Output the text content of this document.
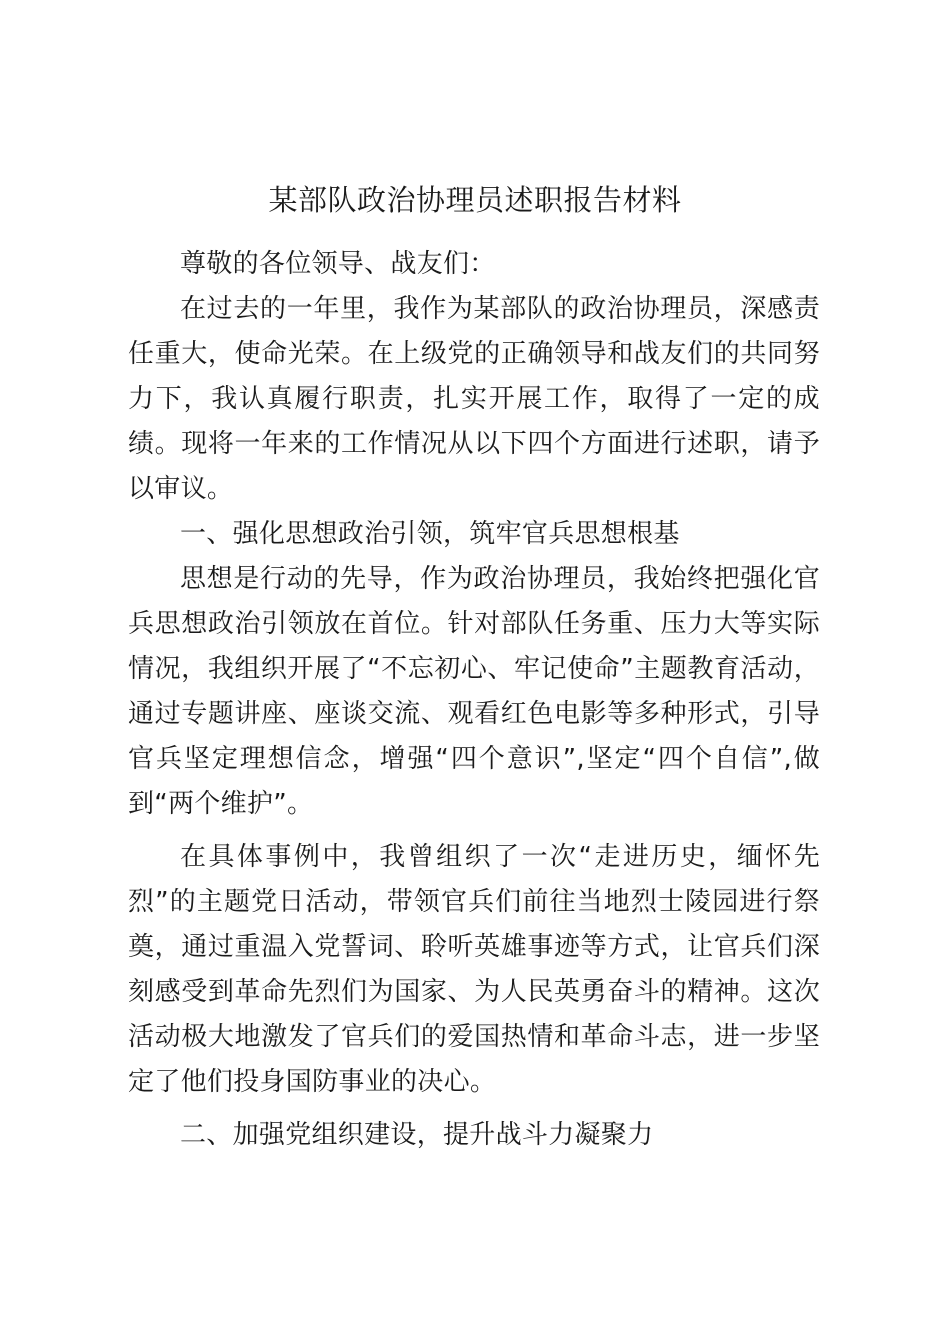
某部队政治协理员述职报告材料

尊敬的各位领导、战友们：

在过去的一年里，我作为某部队的政治协理员，深感责任重大，使命光荣。在上级党的正确领导和战友们的共同努力下，我认真履行职责，扎实开展工作，取得了一定的成绩。现将一年来的工作情况从以下四个方面进行述职，请予以审议。

一、强化思想政治引领，筑牢官兵思想根基

思想是行动的先导，作为政治协理员，我始终把强化官兵思想政治引领放在首位。针对部队任务重、压力大等实际情况，我组织开展了“不忘初心、牢记使命”主题教育活动，通过专题讲座、座谈交流、观看红色电影等多种形式，引导官兵坚定理想信念，增强“四个意识”,坚定“四个自信”,做到“两个维护”。

在具体事例中，我曾组织了一次“走进历史，缅怀先烈”的主题党日活动，带领官兵们前往当地烈士陵园进行祭奠，通过重温入党誓词、聆听英雄事迹等方式，让官兵们深刻感受到革命先烈们为国家、为人民英勇奋斗的精神。这次活动极大地激发了官兵们的爱国热情和革命斗志，进一步坚定了他们投身国防事业的决心。

二、加强党组织建设，提升战斗力凝聚力
